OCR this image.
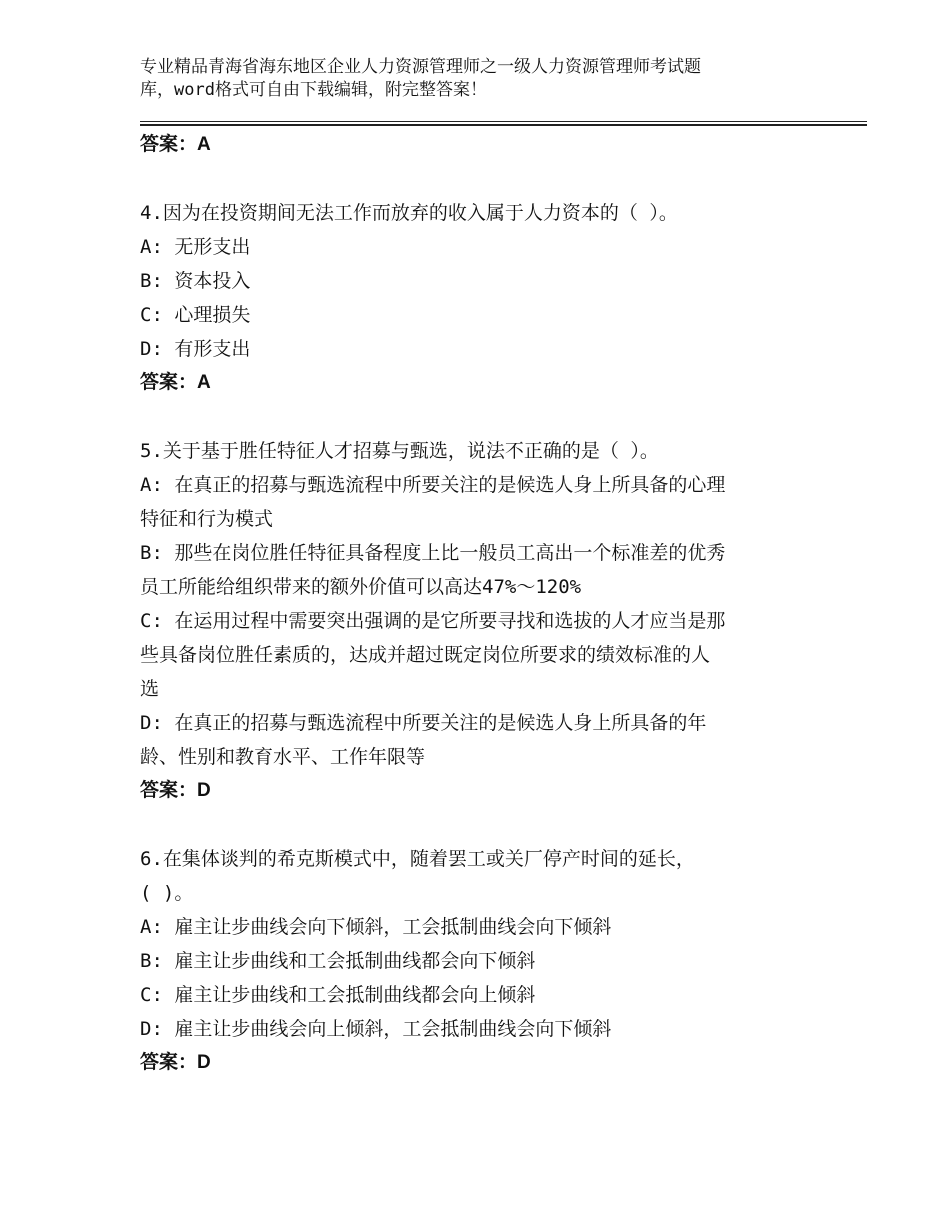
专业精品青海省海东地区企业人力资源管理师之一级人力资源管理师考试题
库，word格式可自由下载编辑，附完整答案！
答案：A
4.因为在投资期间无法工作而放弃的收入属于人力资本的（ ）。
A: 无形支出
B: 资本投入
C: 心理损失
D: 有形支出
答案：A
5.关于基于胜任特征人才招募与甄选，说法不正确的是（ ）。
A: 在真正的招募与甄选流程中所要关注的是候选人身上所具备的心理
特征和行为模式
B: 那些在岗位胜任特征具备程度上比一般员工高出一个标准差的优秀
员工所能给组织带来的额外价值可以高达47%～120%
C: 在运用过程中需要突出强调的是它所要寻找和选拔的人才应当是那
些具备岗位胜任素质的，达成并超过既定岗位所要求的绩效标准的人
选
D: 在真正的招募与甄选流程中所要关注的是候选人身上所具备的年
龄、性别和教育水平、工作年限等
答案：D
6.在集体谈判的希克斯模式中，随着罢工或关厂停产时间的延长，
( )。
A: 雇主让步曲线会向下倾斜，工会抵制曲线会向下倾斜
B: 雇主让步曲线和工会抵制曲线都会向下倾斜
C: 雇主让步曲线和工会抵制曲线都会向上倾斜
D: 雇主让步曲线会向上倾斜，工会抵制曲线会向下倾斜
答案：D
